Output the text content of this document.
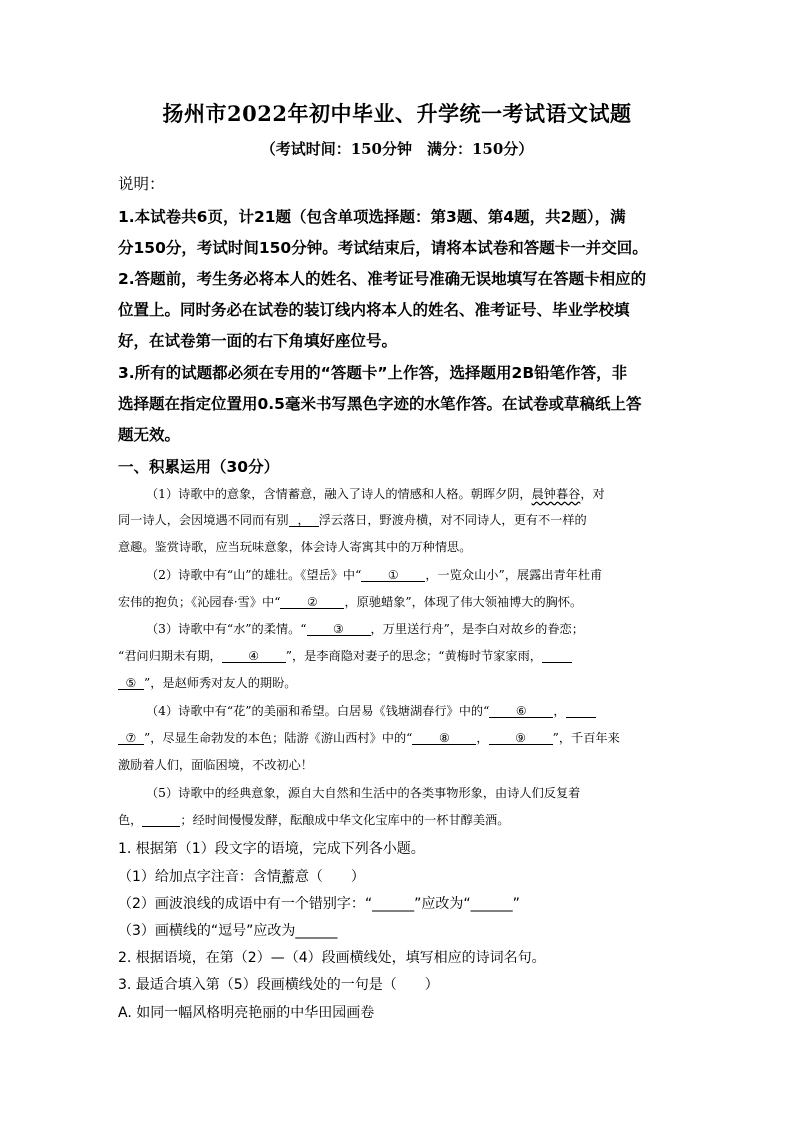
扬州市2022年初中毕业、升学统一考试语文试题
（考试时间：150分钟　满分：150分）
说明：
1.本试卷共6页，计21题（包含单项选择题：第3题、第4题，共2题），满
分150分，考试时间150分钟。考试结束后，请将本试卷和答题卡一并交回。
2.答题前，考生务必将本人的姓名、准考证号准确无误地填写在答题卡相应的
位置上。同时务必在试卷的装订线内将本人的姓名、准考证号、毕业学校填
好，在试卷第一面的右下角填好座位号。
3.所有的试题都必须在专用的“答题卡”上作答，选择题用2B铅笔作答，非
选择题在指定位置用0.5毫米书写黑色字迹的水笔作答。在试卷或草稿纸上答
题无效。
一、积累运用（30分）
（1）诗歌中的意象，含情蓄意，融入了诗人的情感和人格。朝晖夕阴，晨钟暮谷，对
同一诗人，会因境遇不同而有别 ， 浮云落日，野渡舟横，对不同诗人，更有不一样的
意趣。鉴赏诗歌，应当玩味意象，体会诗人寄寓其中的万种情思。
（2）诗歌中有“山”的雄壮。《望岳》中“ ① ，一览众山小”，展露出青年杜甫
宏伟的抱负；《沁园春·雪》中“ ② ，原驰蜡象”，体现了伟大领袖博大的胸怀。
（3）诗歌中有“水”的柔情。“ ③ ，万里送行舟”，是李白对故乡的眷恋；
“君问归期未有期， ④ ”，是李商隐对妻子的思念；“黄梅时节家家雨，
⑤ ”，是赵师秀对友人的期盼。
（4）诗歌中有“花”的美丽和希望。白居易《钱塘湖春行》中的“ ⑥ ，
⑦ ”，尽显生命勃发的本色；陆游《游山西村》中的“ ⑧ ， ⑨ ”，千百年来
激励着人们，面临困境，不改初心！
（5）诗歌中的经典意象，源自大自然和生活中的各类事物形象，由诗人们反复着
色，	；经时间慢慢发酵，酝酿成中华文化宝库中的一杯甘醇美酒。
1. 根据第（1）段文字的语境，完成下列各小题。
（1）给加点字注音：含情蓄意（　　）
（2）画波浪线的成语中有一个错别字：“______”应改为“______”
（3）画横线的“逗号”应改为______
2. 根据语境，在第（2）—（4）段画横线处，填写相应的诗词名句。
3. 最适合填入第（5）段画横线处的一句是（　　）
A. 如同一幅风格明亮艳丽的中华田园画卷
